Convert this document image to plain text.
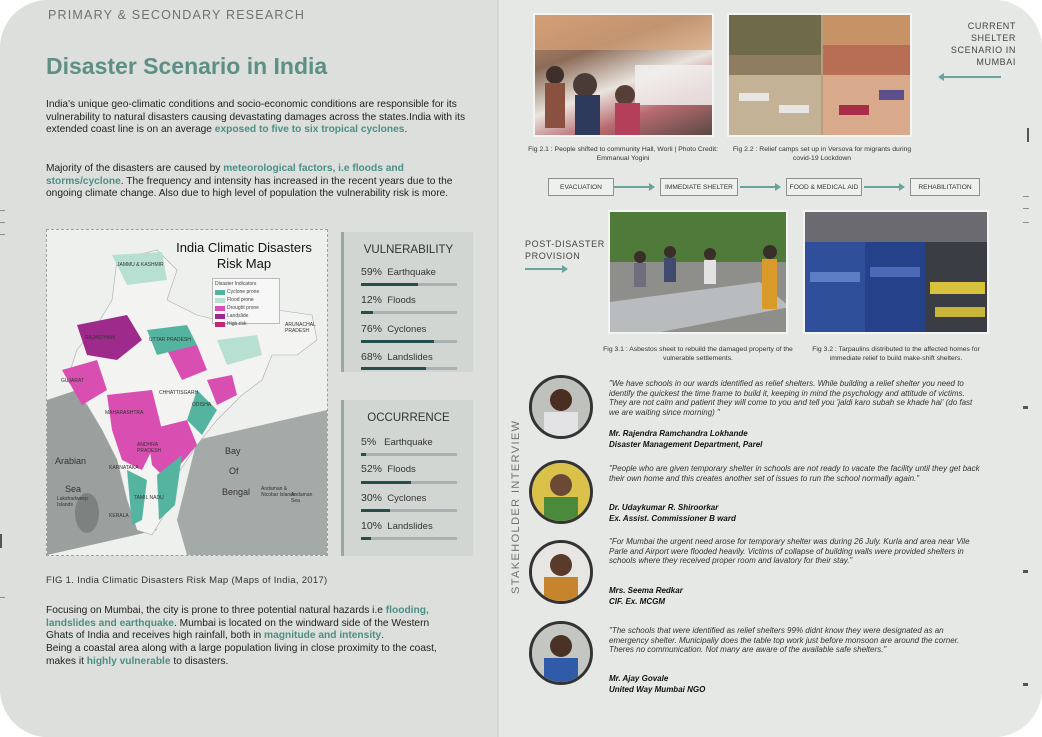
PRIMARY & SECONDARY RESEARCH
Disaster Scenario in India

India's unique geo-climatic conditions and socio-economic conditions are responsible for its vulnerability to natural disasters causing devastating damages across the states.India with its extended coast line is on an average exposed to five to six tropical cyclones.

Majority of the disasters are caused by meteorological factors, i.e floods and storms/cyclone. The frequency and intensity has increased in the recent years due to the ongoing climate change. Also due to high level of population the vulnerability risk is more.

India Climatic Disasters Risk Map
Disaster Indicators
Cyclone prone
Flood prone
Drought prone
Landslide
High risk
JAMMU & KASHMIR
RAJASTHAN
GUJARAT
MAHARASHTRA
KARNATAKA
KERALA
TAMIL NADU
ANDHRA PRADESH
ODISHA
CHHATTISGARH
UTTAR PRADESH
ARUNACHAL PRADESH
Bay
Of
Bengal
Arabian
Sea
Lakshadweep Islands
Andaman & Nicobar Islands
Andaman Sea
FIG 1. India Climatic Disasters Risk Map (Maps of India, 2017)
VULNERABILITY
59% Earthquake
12% Floods
76% Cyclones
68% Landslides
OCCURRENCE
5% Earthquake
52% Floods
30% Cyclones
10% Landslides

Focusing on Mumbai, the city is prone to three potential natural hazards i.e flooding, landslides and earthquake. Mumbai is located on the windward side of the Western Ghats of India and receives high rainfall, both in magnitude and intensity.

Being a coastal area along with a large population living in close proximity to the coast, makes it highly vulnerable to disasters.

Fig 2.1 : People shifted to community Hall, Worli | Photo Credit: Emmanual Yogini
Fig 2.2 : Relief camps set up in Versova for migrants during covid-19 Lockdown
CURRENT SHELTER SCENARIO IN MUMBAI
EVACUATION	IMMEDIATE SHELTER	FOOD & MEDICAL AID	REHABILITATION
POST-DISASTER PROVISION
Fig 3.1 : Asbestos sheet to rebuild the damaged property of the vulnerable settlements.
Fig 3.2 : Tarpaulins distributed to the affected homes for immediate relief to build make-shift shelters.
STAKEHOLDER INTERVIEW
"We have schools in our wards identified as relief shelters. While building a relief shelter you need to identify the quickest the time frame to build it, keeping in mind the psychology and attitude of victims. They are not calm and patient they will come to you and tell you 'jaldi karo subah se khade hai' (do fast we are waiting since morning) "
Mr. Rajendra Ramchandra Lokhande
Disaster Management Department, Parel
"People who are given temporary shelter in schools are not ready to vacate the facility until they get back their own home and this creates another set of issues to run the school normally again."
Dr. Udaykumar R. Shiroorkar
Ex. Assist. Commissioner B ward
"For Mumbai the urgent need arose for temporary shelter was during 26 July. Kurla and area near Vile Parle and Airport were flooded heavily. Victims of collapse of building walls were provided shelters in schools where they received proper room and lavatory for their stay."
Mrs. Seema Redkar
CIF. Ex. MCGM
"The schools that were identified as relief shelters 99% didnt know they were designated as an emergency shelter. Municipaliy does the table top work just before monsoon are around the corner. Theres no communication. Not many are aware of the available safe shelters."
Mr. Ajay Govale
United Way Mumbai NGO
